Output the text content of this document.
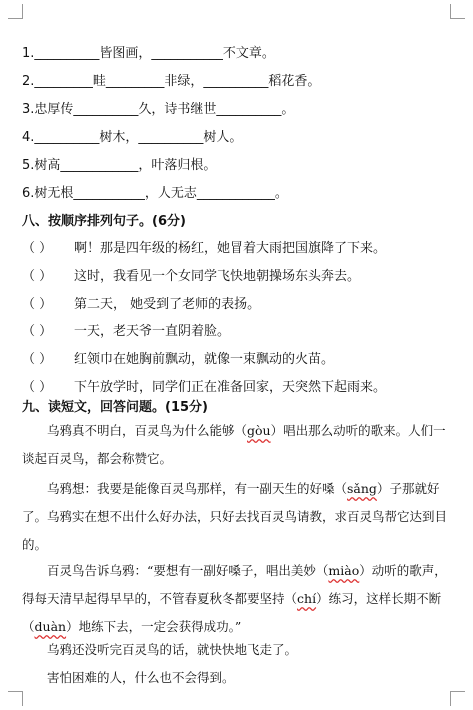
1.__________皆图画，___________不文章。
2._________畦_________非绿，__________稻花香。
3.忠厚传__________久，诗书继世__________。
4.__________树木，__________树人。
5.树高____________，叶落归根。
6.树无根___________，人无志____________。
八、按顺序排列句子。(6分)
（ ） 啊！那是四年级的杨红，她冒着大雨把国旗降了下来。
（ ） 这时，我看见一个女同学飞快地朝操场东头奔去。
（ ） 第二天， 她受到了老师的表扬。
（ ） 一天，老天爷一直阴着脸。
（ ） 红领巾在她胸前飘动，就像一束飘动的火苗。
（ ） 下午放学时，同学们正在准备回家，天突然下起雨来。
九、读短文，回答问题。(15分)
乌鸦真不明白，百灵鸟为什么能够（gòu）唱出那么动听的歌来。人们一谈起百灵鸟，都会称赞它。
乌鸦想：我要是能像百灵鸟那样，有一副天生的好嗓（sǎng）子那就好了。乌鸦实在想不出什么好办法，只好去找百灵鸟请教，求百灵鸟帮它达到目的。
百灵鸟告诉乌鸦：“要想有一副好嗓子，唱出美妙（miào）动听的歌声，得每天清早起得早早的，不管春夏秋冬都要坚持（chí）练习，这样长期不断（duàn）地练下去，一定会获得成功。”
乌鸦还没听完百灵鸟的话，就快快地飞走了。
害怕困难的人，什么也不会得到。
